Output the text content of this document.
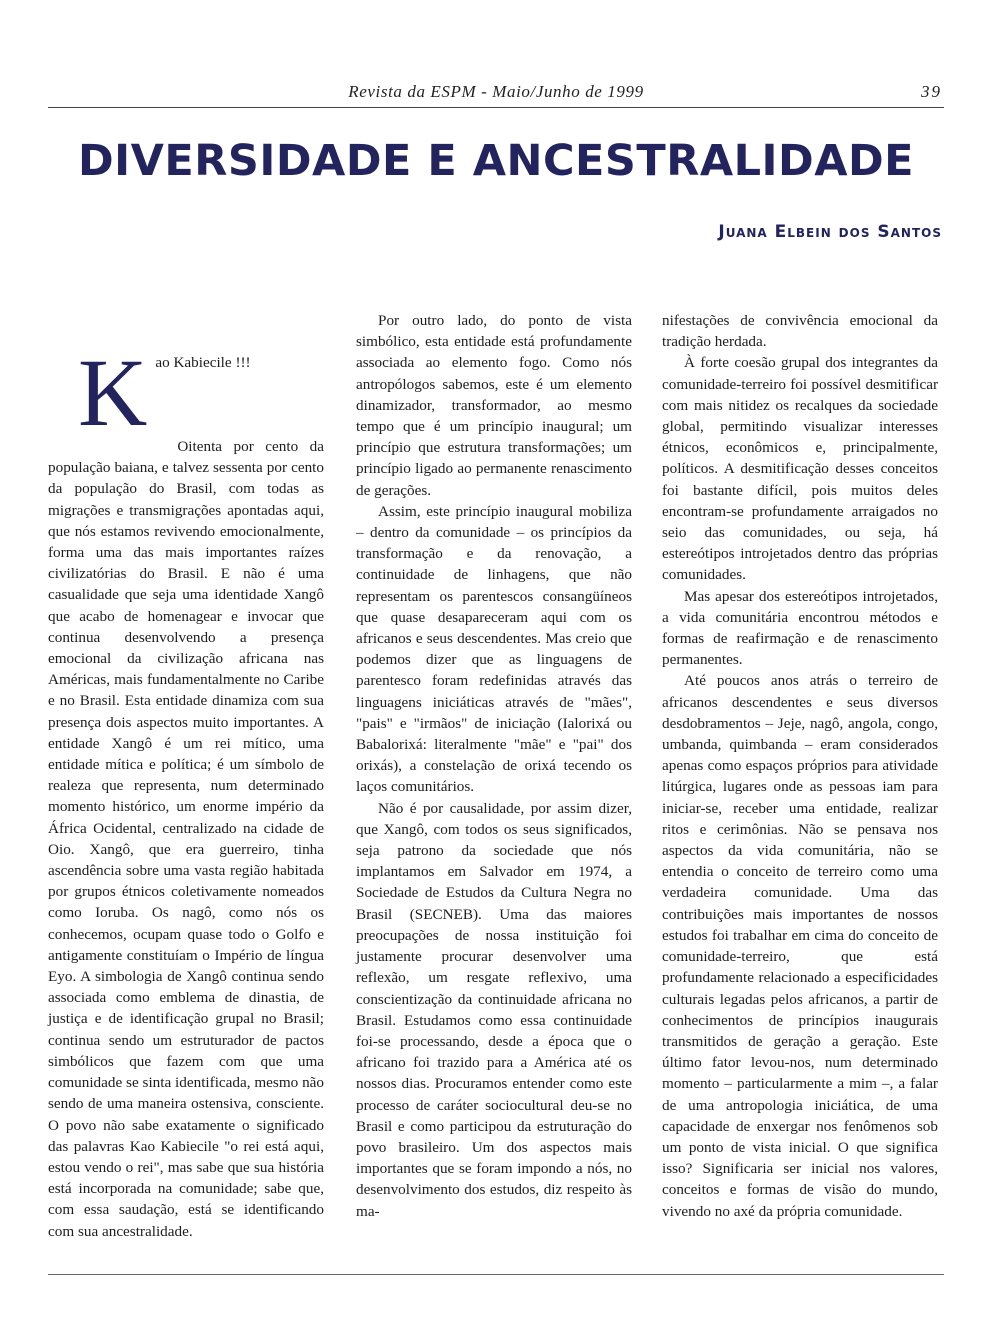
Revista da ESPM - Maio/Junho de 1999	39
DIVERSIDADE E ANCESTRALIDADE
Juana Elbein dos Santos
K ao Kabiecile !!!

Oitenta por cento da população baiana, e talvez sessenta por cento da população do Brasil, com todas as migrações e transmigrações apontadas aqui, que nós estamos revivendo emocionalmente, forma uma das mais importantes raízes civilizatórias do Brasil. E não é uma casualidade que seja uma identidade Xangô que acabo de homenagear e invocar que continua desenvolvendo a presença emocional da civilização africana nas Américas, mais fundamentalmente no Caribe e no Brasil. Esta entidade dinamiza com sua presença dois aspectos muito importantes. A entidade Xangô é um rei mítico, uma entidade mítica e política; é um símbolo de realeza que representa, num determinado momento histórico, um enorme império da África Ocidental, centralizado na cidade de Oio. Xangô, que era guerreiro, tinha ascendência sobre uma vasta região habitada por grupos étnicos coletivamente nomeados como Ioruba. Os nagô, como nós os conhecemos, ocupam quase todo o Golfo e antigamente constituíam o Império de língua Eyo. A simbologia de Xangô continua sendo associada como emblema de dinastia, de justiça e de identificação grupal no Brasil; continua sendo um estruturador de pactos simbólicos que fazem com que uma comunidade se sinta identificada, mesmo não sendo de uma maneira ostensiva, consciente. O povo não sabe exatamente o significado das palavras Kao Kabiecile "o rei está aqui, estou vendo o rei", mas sabe que sua história está incorporada na comunidade; sabe que, com essa saudação, está se identificando com sua ancestralidade.

Por outro lado, do ponto de vista simbólico, esta entidade está profundamente associada ao elemento fogo. Como nós antropólogos sabemos, este é um elemento dinamizador, transformador, ao mesmo tempo que é um princípio inaugural; um princípio que estrutura transformações; um princípio ligado ao permanente renascimento de gerações.

Assim, este princípio inaugural mobiliza – dentro da comunidade – os princípios da transformação e da renovação, a continuidade de linhagens, que não representam os parentescos consangüíneos que quase desapareceram aqui com os africanos e seus descendentes. Mas creio que podemos dizer que as linguagens de parentesco foram redefinidas através das linguagens iniciáticas através de "mães", "pais" e "irmãos" de iniciação (Ialorixá ou Babalorixá: literalmente "mãe" e "pai" dos orixás), a constelação de orixá tecendo os laços comunitários.

Não é por causalidade, por assim dizer, que Xangô, com todos os seus significados, seja patrono da sociedade que nós implantamos em Salvador em 1974, a Sociedade de Estudos da Cultura Negra no Brasil (SECNEB). Uma das maiores preocupações de nossa instituição foi justamente procurar desenvolver uma reflexão, um resgate reflexivo, uma conscientização da continuidade africana no Brasil. Estudamos como essa continuidade foi-se processando, desde a época que o africano foi trazido para a América até os nossos dias. Procuramos entender como este processo de caráter sociocultural deu-se no Brasil e como participou da estruturação do povo brasileiro. Um dos aspectos mais importantes que se foram impondo a nós, no desenvolvimento dos estudos, diz respeito às ma-

nifestações de convivência emocional da tradição herdada.

À forte coesão grupal dos integrantes da comunidade-terreiro foi possível desmitificar com mais nitidez os recalques da sociedade global, permitindo visualizar interesses étnicos, econômicos e, principalmente, políticos. A desmitificação desses conceitos foi bastante difícil, pois muitos deles encontram-se profundamente arraigados no seio das comunidades, ou seja, há estereótipos introjetados dentro das próprias comunidades.

Mas apesar dos estereótipos introjetados, a vida comunitária encontrou métodos e formas de reafirmação e de renascimento permanentes.

Até poucos anos atrás o terreiro de africanos descendentes e seus diversos desdobramentos – Jeje, nagô, angola, congo, umbanda, quimbanda – eram considerados apenas como espaços próprios para atividade litúrgica, lugares onde as pessoas iam para iniciar-se, receber uma entidade, realizar ritos e cerimônias. Não se pensava nos aspectos da vida comunitária, não se entendia o conceito de terreiro como uma verdadeira comunidade. Uma das contribuições mais importantes de nossos estudos foi trabalhar em cima do conceito de comunidade-terreiro, que está profundamente relacionado a especificidades culturais legadas pelos africanos, a partir de conhecimentos de princípios inaugurais transmitidos de geração a geração. Este último fator levou-nos, num determinado momento – particularmente a mim –, a falar de uma antropologia iniciática, de uma capacidade de enxergar nos fenômenos sob um ponto de vista inicial. O que significa isso? Significaria ser inicial nos valores, conceitos e formas de visão do mundo, vivendo no axé da própria comunidade.
